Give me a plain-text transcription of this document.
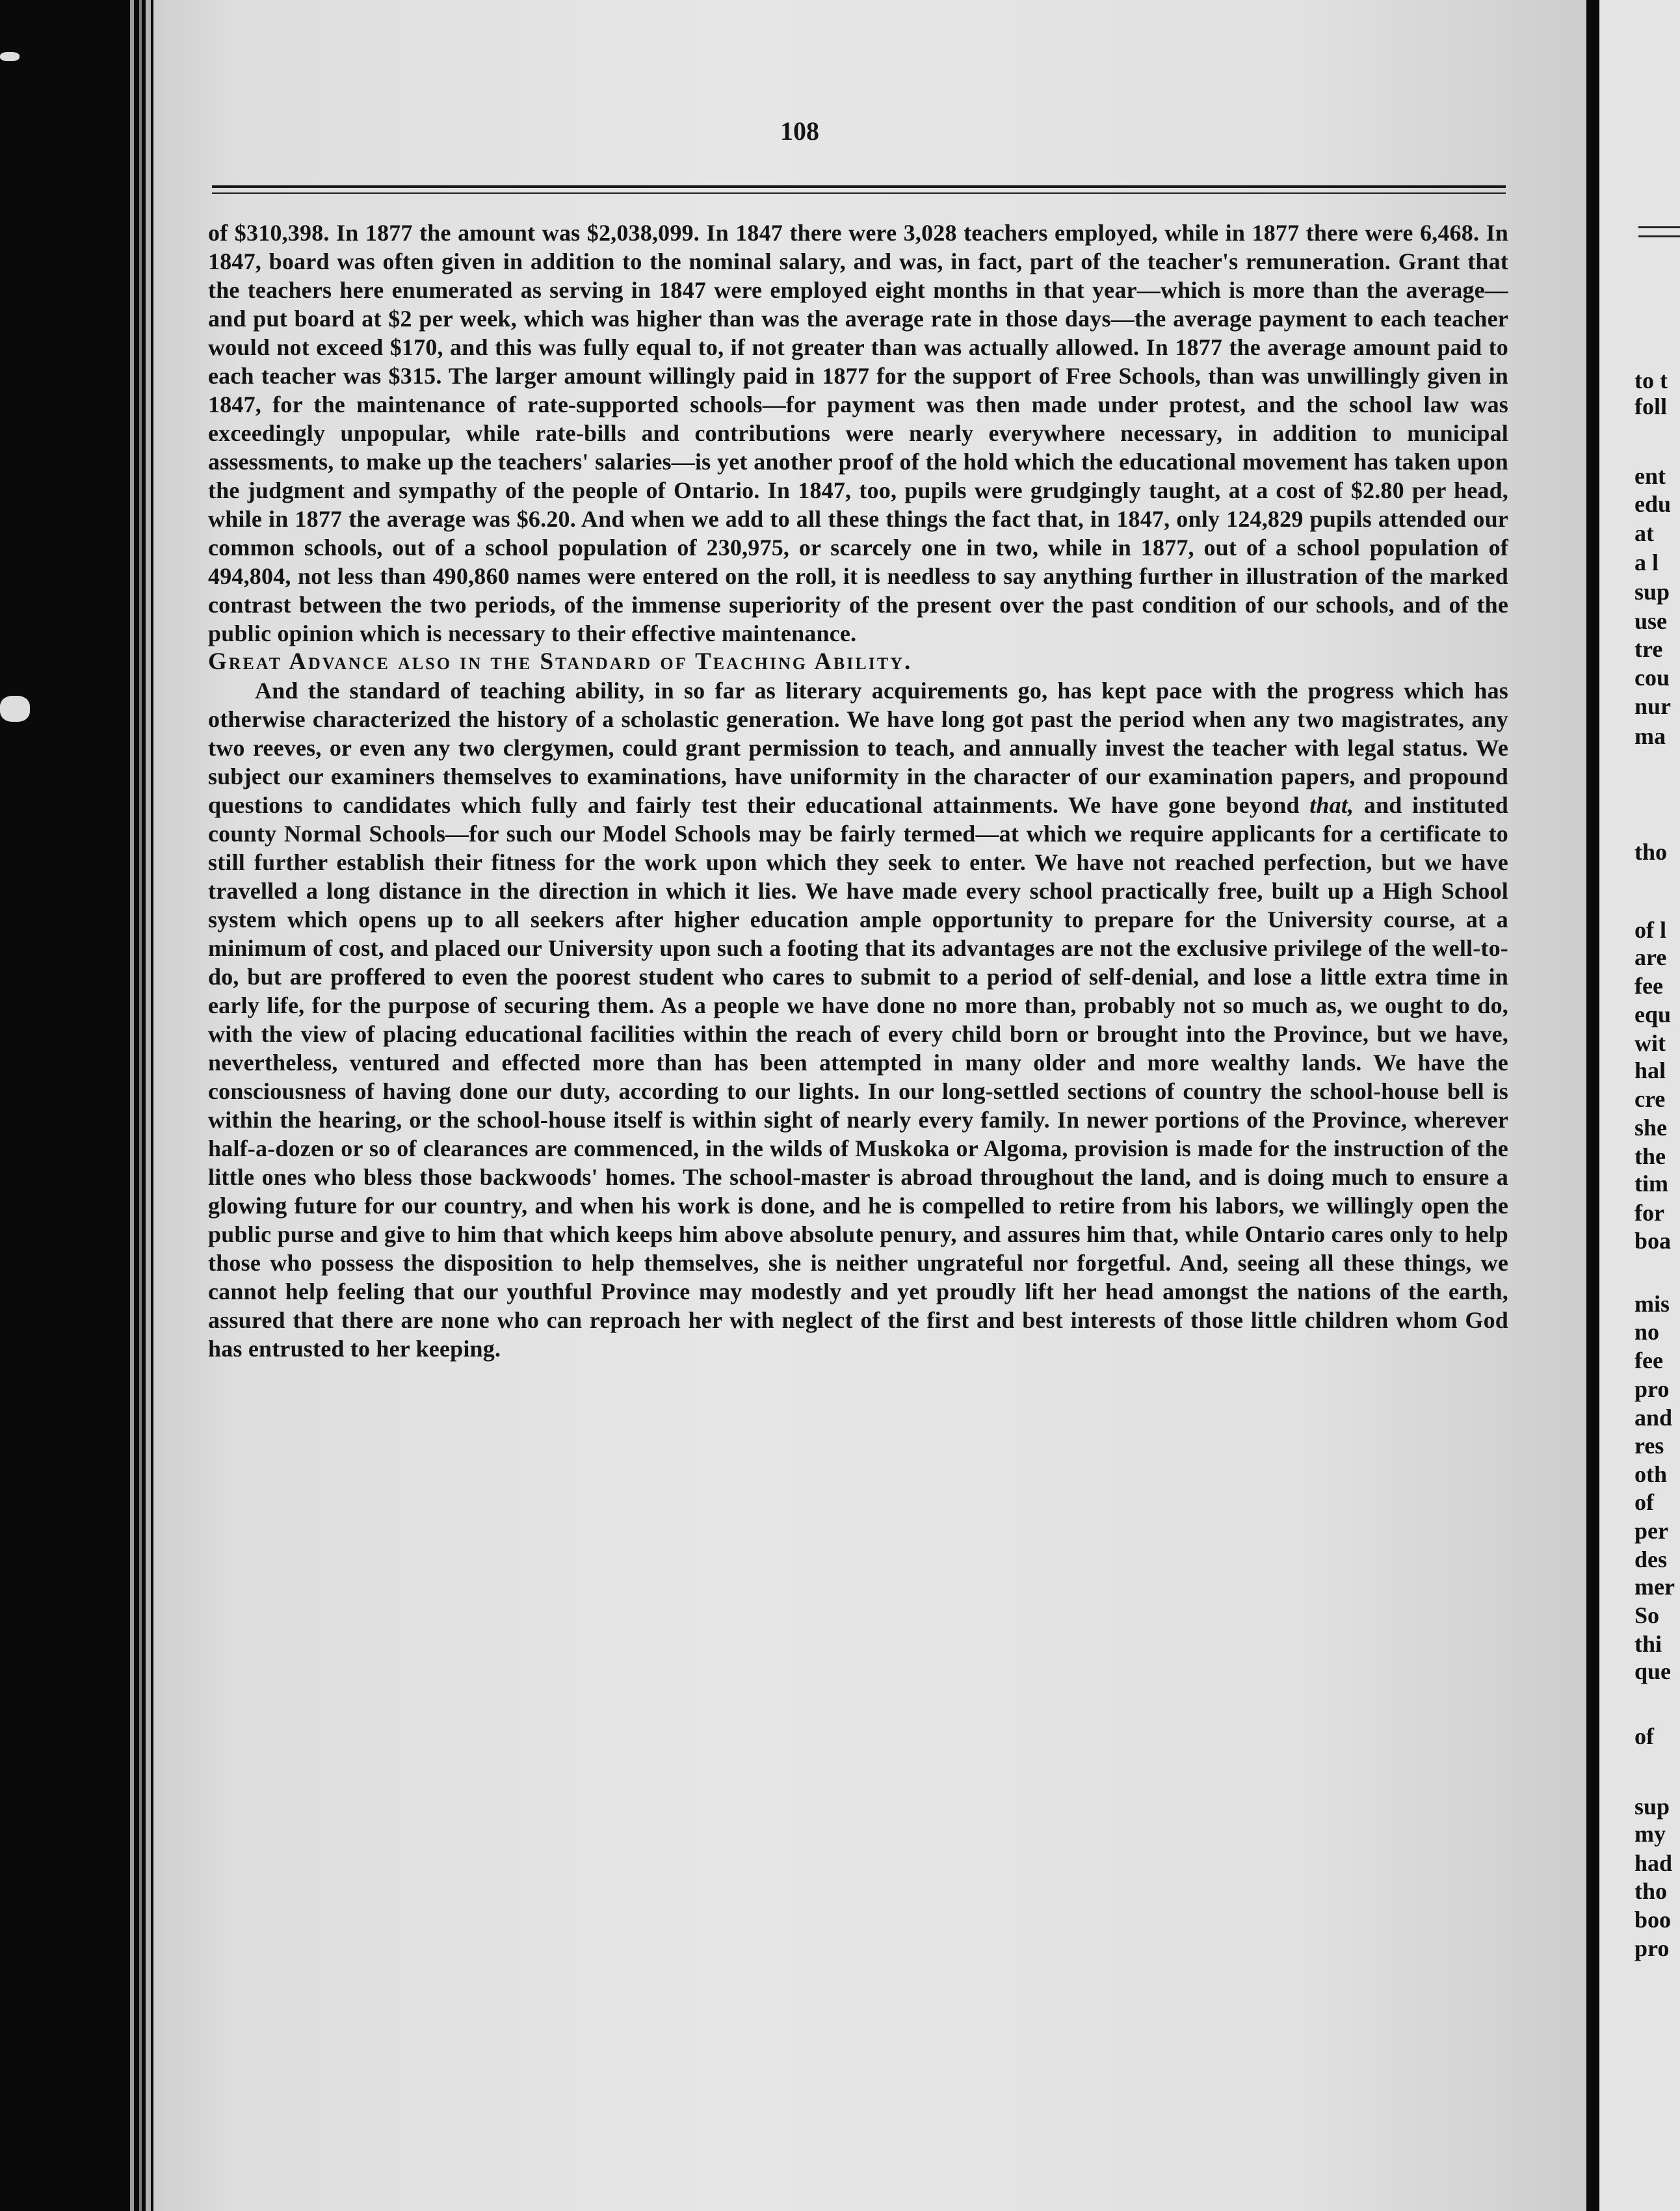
108

of $310,398. In 1877 the amount was $2,038,099. In 1847 there were 3,028 teachers employed, while in 1877 there were 6,468. In 1847, board was often given in addition to the nominal salary, and was, in fact, part of the teacher's remuneration. Grant that the teachers here enumerated as serving in 1847 were employed eight months in that year—which is more than the average—and put board at $2 per week, which was higher than was the average rate in those days—the average payment to each teacher would not exceed $170, and this was fully equal to, if not greater than was actually allowed. In 1877 the average amount paid to each teacher was $315. The larger amount willingly paid in 1877 for the support of Free Schools, than was unwillingly given in 1847, for the maintenance of rate-supported schools—for payment was then made under protest, and the school law was exceedingly unpopular, while rate-bills and contributions were nearly everywhere necessary, in addition to municipal assessments, to make up the teachers' salaries—is yet another proof of the hold which the educational movement has taken upon the judgment and sympathy of the people of Ontario. In 1847, too, pupils were grudgingly taught, at a cost of $2.80 per head, while in 1877 the average was $6.20. And when we add to all these things the fact that, in 1847, only 124,829 pupils attended our common schools, out of a school population of 230,975, or scarcely one in two, while in 1877, out of a school population of 494,804, not less than 490,860 names were entered on the roll, it is needless to say anything further in illustration of the marked contrast between the two periods, of the immense superiority of the present over the past condition of our schools, and of the public opinion which is necessary to their effective maintenance.

Great Advance also in the Standard of Teaching Ability.

And the standard of teaching ability, in so far as literary acquirements go, has kept pace with the progress which has otherwise characterized the history of a scholastic generation. We have long got past the period when any two magistrates, any two reeves, or even any two clergymen, could grant permission to teach, and annually invest the teacher with legal status. We subject our examiners themselves to examinations, have uniformity in the character of our examination papers, and propound questions to candidates which fully and fairly test their educational attainments. We have gone beyond that, and instituted county Normal Schools—for such our Model Schools may be fairly termed—at which we require applicants for a certificate to still further establish their fitness for the work upon which they seek to enter. We have not reached perfection, but we have travelled a long distance in the direction in which it lies. We have made every school practically free, built up a High School system which opens up to all seekers after higher education ample opportunity to prepare for the University course, at a minimum of cost, and placed our University upon such a footing that its advantages are not the exclusive privilege of the well-to-do, but are proffered to even the poorest student who cares to submit to a period of self-denial, and lose a little extra time in early life, for the purpose of securing them. As a people we have done no more than, probably not so much as, we ought to do, with the view of placing educational facilities within the reach of every child born or brought into the Province, but we have, nevertheless, ventured and effected more than has been attempted in many older and more wealthy lands. We have the consciousness of having done our duty, according to our lights. In our long-settled sections of country the school-house bell is within the hearing, or the school-house itself is within sight of nearly every family. In newer portions of the Province, wherever half-a-dozen or so of clearances are commenced, in the wilds of Muskoka or Algoma, provision is made for the instruction of the little ones who bless those backwoods' homes. The school-master is abroad throughout the land, and is doing much to ensure a glowing future for our country, and when his work is done, and he is compelled to retire from his labors, we willingly open the public purse and give to him that which keeps him above absolute penury, and assures him that, while Ontario cares only to help those who possess the disposition to help themselves, she is neither ungrateful nor forgetful. And, seeing all these things, we cannot help feeling that our youthful Province may modestly and yet proudly lift her head amongst the nations of the earth, assured that there are none who can reproach her with neglect of the first and best interests of those little children whom God has entrusted to her keeping.

to t
foll
ent
edu
at
a l
sup
use
tre
cou
nur
ma
tho
of l
are
fee
equ
wit
hal
cre
she
the
tim
for
boa
mis
no
fee
pro
and
res
oth
of
per
des
mer
So
thi
que
of
sup
my
had
tho
boo
pro
